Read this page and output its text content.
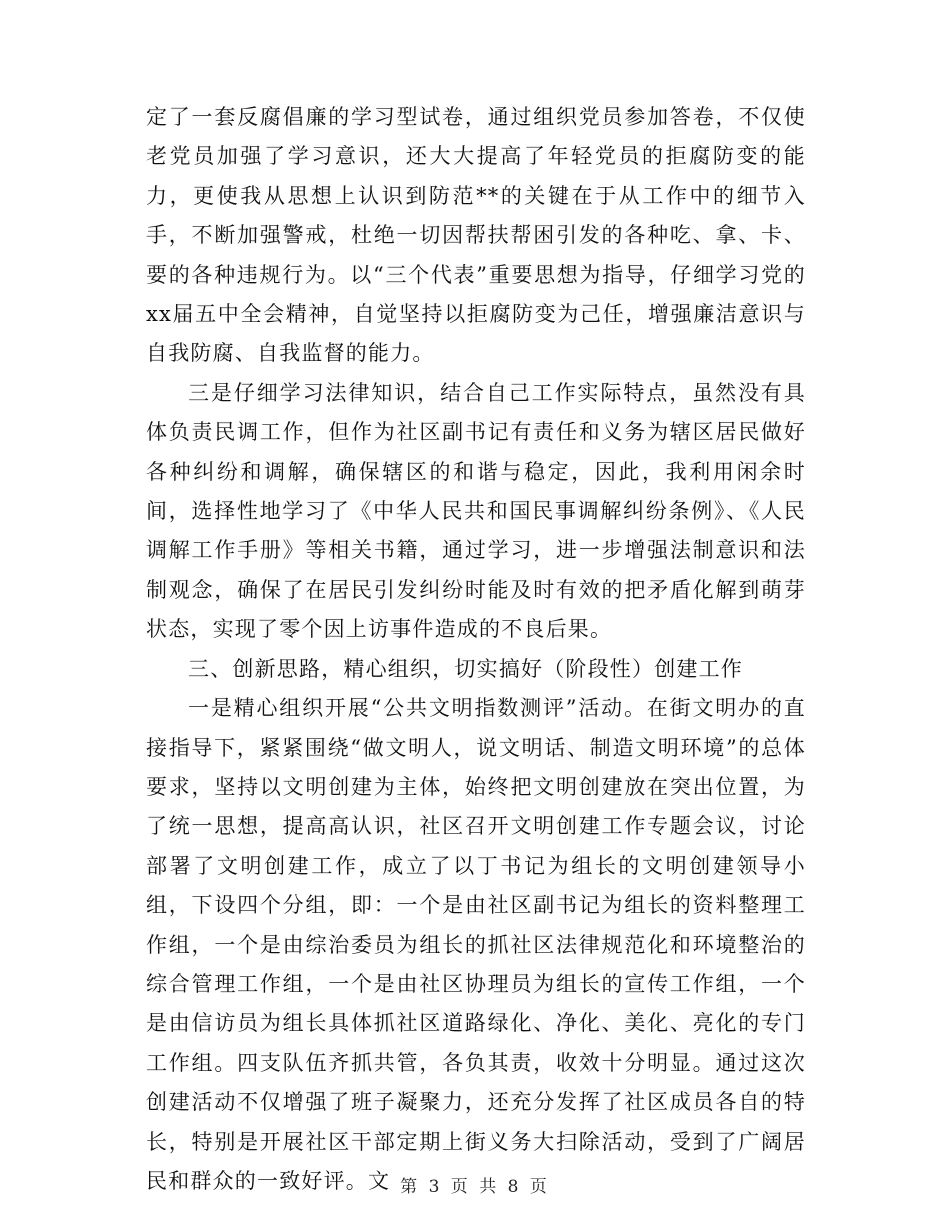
定了一套反腐倡廉的学习型试卷，通过组织党员参加答卷，不仅使老党员加强了学习意识，还大大提高了年轻党员的拒腐防变的能力，更使我从思想上认识到防范**的关键在于从工作中的细节入手，不断加强警戒，杜绝一切因帮扶帮困引发的各种吃、拿、卡、要的各种违规行为。以“三个代表”重要思想为指导，仔细学习党的xx届五中全会精神，自觉坚持以拒腐防变为己任，增强廉洁意识与自我防腐、自我监督的能力。

三是仔细学习法律知识，结合自己工作实际特点，虽然没有具体负责民调工作，但作为社区副书记有责任和义务为辖区居民做好各种纠纷和调解，确保辖区的和谐与稳定，因此，我利用闲余时间，选择性地学习了《中华人民共和国民事调解纠纷条例》、《人民调解工作手册》等相关书籍，通过学习，进一步增强法制意识和法制观念，确保了在居民引发纠纷时能及时有效的把矛盾化解到萌芽状态，实现了零个因上访事件造成的不良后果。

三、创新思路，精心组织，切实搞好（阶段性）创建工作

一是精心组织开展“公共文明指数测评”活动。在街文明办的直接指导下，紧紧围绕“做文明人，说文明话、制造文明环境”的总体要求，坚持以文明创建为主体，始终把文明创建放在突出位置，为了统一思想，提高高认识，社区召开文明创建工作专题会议，讨论部署了文明创建工作，成立了以丁书记为组长的文明创建领导小组，下设四个分组，即：一个是由社区副书记为组长的资料整理工作组，一个是由综治委员为组长的抓社区法律规范化和环境整治的综合管理工作组，一个是由社区协理员为组长的宣传工作组，一个是由信访员为组长具体抓社区道路绿化、净化、美化、亮化的专门工作组。四支队伍齐抓共管，各负其责，收效十分明显。通过这次创建活动不仅增强了班子凝聚力，还充分发挥了社区成员各自的特长，特别是开展社区干部定期上街义务大扫除活动，受到了广阔居民和群众的一致好评。文 第 3 页 共 8 页
